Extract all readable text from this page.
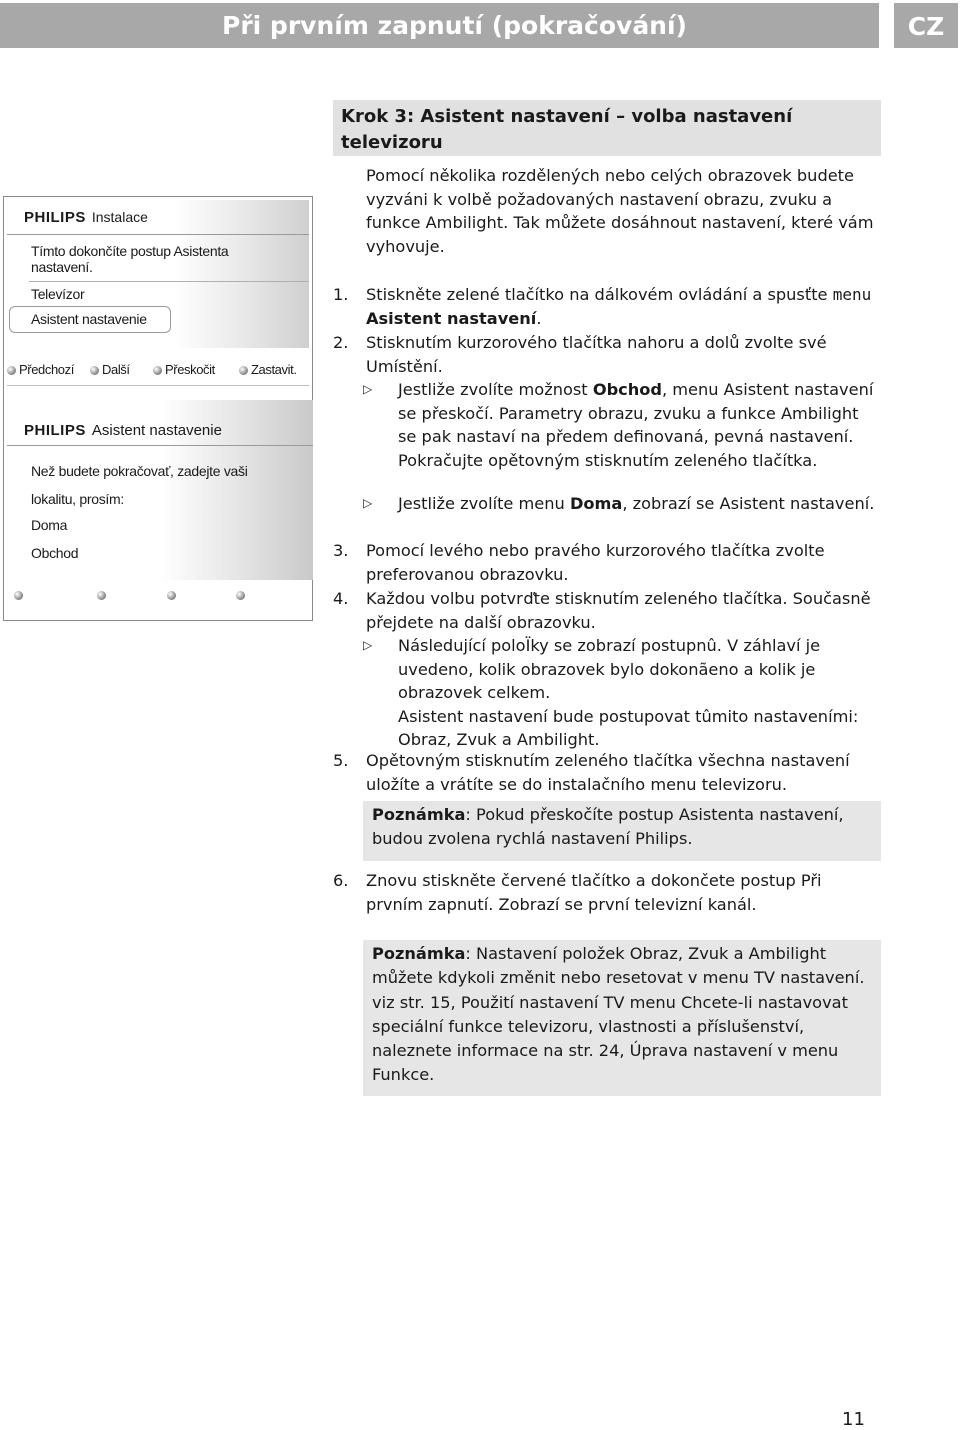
Při prvním zapnutí (pokračování)	CZ
PHILIPS Instalace
Tímto dokončíte postup Asistenta nastavení.
Televízor
Asistent nastavenie
Předchozí	Další	Přeskočit	Zastavit.
PHILIPS Asistent nastavenie
Než budete pokračovať, zadejte vaši lokalitu, prosím:
Doma
Obchod
Krok 3: Asistent nastavení – volba nastavení televizoru
Pomocí několika rozdělených nebo celých obrazovek budete vyzváni k volbě požadovaných nastavení obrazu, zvuku a funkce Ambilight. Tak můžete dosáhnout nastavení, které vám vyhovuje.
1. Stiskněte zelené tlačítko na dálkovém ovládání a spusťte menu Asistent nastavení.
2. Stisknutím kurzorového tlačítka nahoru a dolů zvolte své Umístění.
▷ Jestliže zvolíte možnost Obchod, menu Asistent nastavení se přeskočí. Parametry obrazu, zvuku a funkce Ambilight se pak nastaví na předem definovaná, pevná nastavení.
Pokračujte opětovným stisknutím zeleného tlačítka.
▷ Jestliže zvolíte menu Doma, zobrazí se Asistent nastavení.
3. Pomocí levého nebo pravého kurzorového tlačítka zvolte preferovanou obrazovku.
4. Každou volbu potvrďte stisknutím zeleného tlačítka. Současně přejdete na další obrazovku.
▷ Následující poloÏky se zobrazí postupnû. V záhlaví je uvedeno, kolik obrazovek bylo dokonãeno a kolik je obrazovek celkem.
Asistent nastavení bude postupovat tûmito nastaveními: Obraz, Zvuk a Ambilight.
5. Opětovným stisknutím zeleného tlačítka všechna nastavení uložíte a vrátíte se do instalačního menu televizoru.
Poznámka: Pokud přeskočíte postup Asistenta nastavení, budou zvolena rychlá nastavení Philips.
6. Znovu stiskněte červené tlačítko a dokončete postup Při prvním zapnutí. Zobrazí se první televizní kanál.
Poznámka: Nastavení položek Obraz, Zvuk a Ambilight můžete kdykoli změnit nebo resetovat v menu TV nastavení. viz str. 15, Použití nastavení TV menu Chcete-li nastavovat speciální funkce televizoru, vlastnosti a příslušenství, naleznete informace na str. 24, Úprava nastavení v menu Funkce.
11
